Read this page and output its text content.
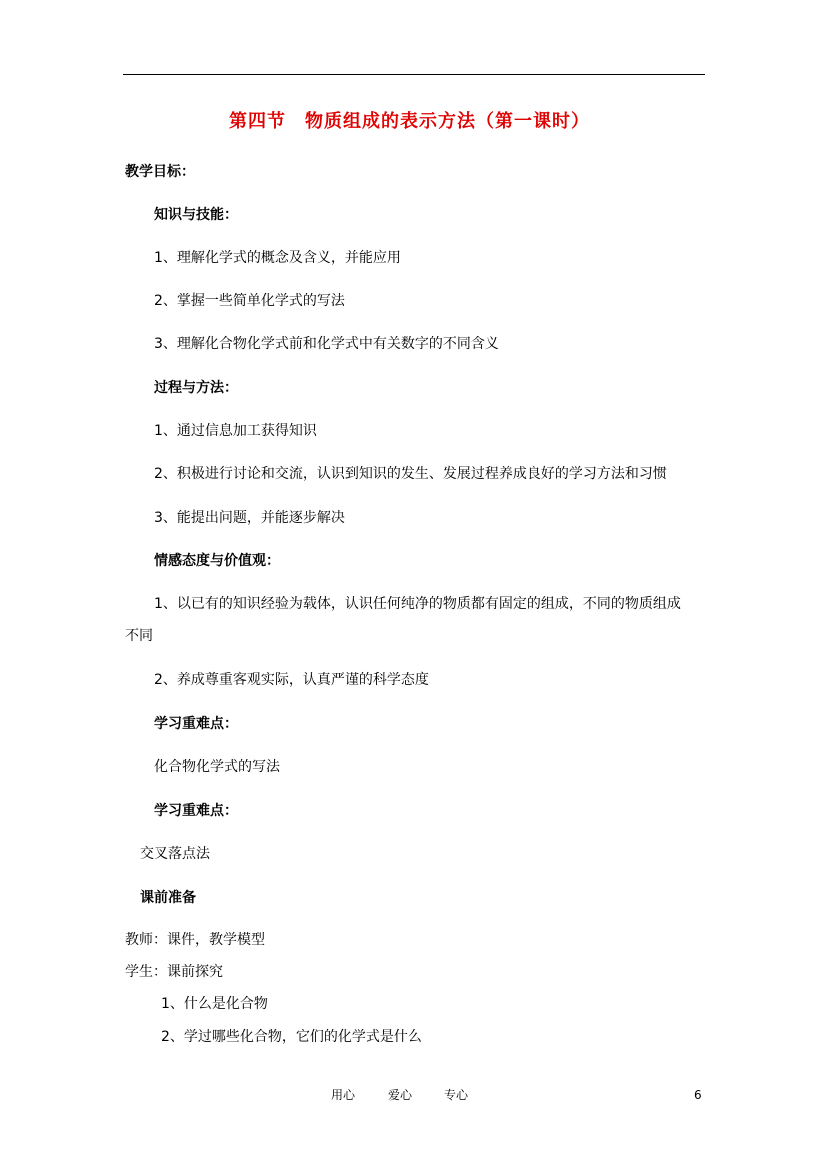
第四节　物质组成的表示方法（第一课时）
教学目标：
知识与技能：
1、理解化学式的概念及含义，并能应用
2、掌握一些简单化学式的写法
3、理解化合物化学式前和化学式中有关数字的不同含义
过程与方法：
1、通过信息加工获得知识
2、积极进行讨论和交流，认识到知识的发生、发展过程养成良好的学习方法和习惯
3、能提出问题，并能逐步解决
情感态度与价值观：
1、以已有的知识经验为载体，认识任何纯净的物质都有固定的组成，不同的物质组成
不同
2、养成尊重客观实际，认真严谨的科学态度
学习重难点：
化合物化学式的写法
学习重难点：
交叉落点法
课前准备
教师：课件，教学模型
学生：课前探究
1、什么是化合物
2、学过哪些化合物，它们的化学式是什么
用心	爱心	专心	6
